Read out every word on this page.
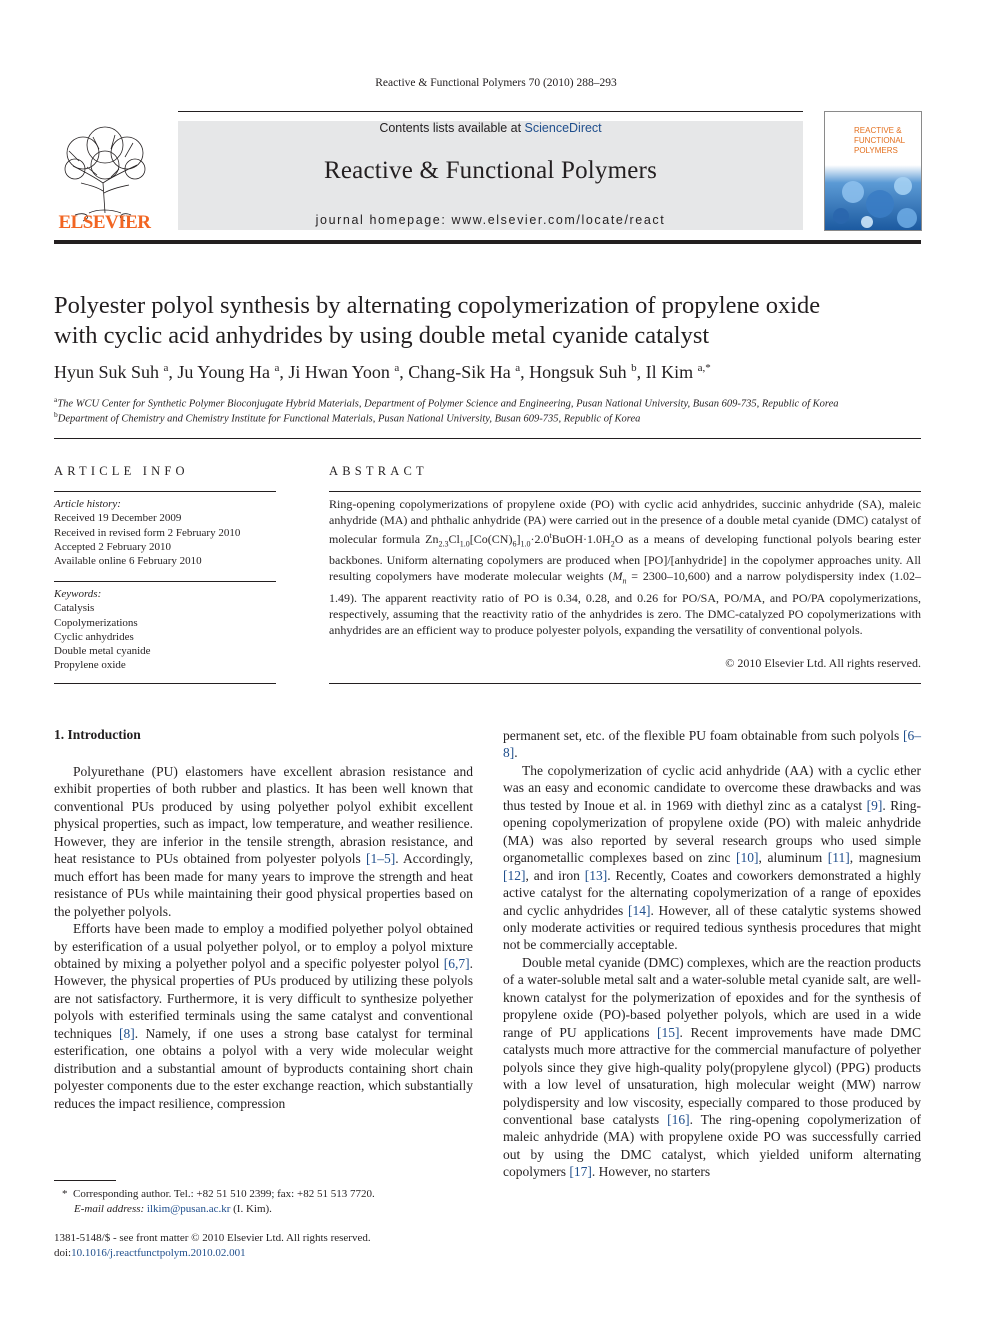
Reactive & Functional Polymers 70 (2010) 288–293
ELSEVIER
Contents lists available at ScienceDirect
Reactive & Functional Polymers
journal homepage: www.elsevier.com/locate/react
REACTIVE &
FUNCTIONAL
POLYMERS
Polyester polyol synthesis by alternating copolymerization of propylene oxide
with cyclic acid anhydrides by using double metal cyanide catalyst
Hyun Suk Suh $^a$, Ju Young Ha $^a$, Ji Hwan Yoon $^a$, Chang-Sik Ha $^a$, Hongsuk Suh $^b$, Il Kim $^{a,*}$
$^a$The WCU Center for Synthetic Polymer Bioconjugate Hybrid Materials, Department of Polymer Science and Engineering, Pusan National University, Busan 609-735, Republic of Korea
$^b$Department of Chemistry and Chemistry Institute for Functional Materials, Pusan National University, Busan 609-735, Republic of Korea
ARTICLE INFO
Article history:
Received 19 December 2009
Received in revised form 2 February 2010
Accepted 2 February 2010
Available online 6 February 2010
Keywords:
Catalysis
Copolymerizations
Cyclic anhydrides
Double metal cyanide
Propylene oxide
ABSTRACT
Ring-opening copolymerizations of propylene oxide (PO) with cyclic acid anhydrides, succinic anhydride (SA), maleic anhydride (MA) and phthalic anhydride (PA) were carried out in the presence of a double metal cyanide (DMC) catalyst of molecular formula $Zn_{2.3}Cl_{1.0}[Co(CN)_6]_{1.0}\cdot 2.0^tBuOH\cdot 1.0H_2O$ as a means of developing functional polyols bearing ester backbones. Uniform alternating copolymers are produced when [PO]/[anhydride] in the copolymer approaches unity. All resulting copolymers have moderate molecular weights $(M_n = 2300-10,600)$ and a narrow polydispersity index (1.02–1.49). The apparent reactivity ratio of PO is 0.34, 0.28, and 0.26 for PO/SA, PO/MA, and PO/PA copolymerizations, respectively, assuming that the reactivity ratio of the anhydrides is zero. The DMC-catalyzed PO copolymerizations with anhydrides are an efficient way to produce polyester polyols, expanding the versatility of conventional polyols.
© 2010 Elsevier Ltd. All rights reserved.
1. Introduction

Polyurethane (PU) elastomers have excellent abrasion resistance and exhibit properties of both rubber and plastics. It has been well known that conventional PUs produced by using polyether polyol exhibit excellent physical properties, such as impact, low temperature, and weather resilience. However, they are inferior in the tensile strength, abrasion resistance, and heat resistance to PUs obtained from polyester polyols [1–5]. Accordingly, much effort has been made for many years to improve the strength and heat resistance of PUs while maintaining their good physical properties based on the polyether polyols.

Efforts have been made to employ a modified polyether polyol obtained by esterification of a usual polyether polyol, or to employ a polyol mixture obtained by mixing a polyether polyol and a specific polyester polyol [6,7]. However, the physical properties of PUs produced by utilizing these polyols are not satisfactory. Furthermore, it is very difficult to synthesize polyether polyols with esterified terminals using the same catalyst and conventional techniques [8]. Namely, if one uses a strong base catalyst for terminal esterification, one obtains a polyol with a very wide molecular weight distribution and a substantial amount of byproducts containing short chain polyester components due to the ester exchange reaction, which substantially reduces the impact resilience, compression

permanent set, etc. of the flexible PU foam obtainable from such polyols [6–8].

The copolymerization of cyclic acid anhydride (AA) with a cyclic ether was an easy and economic candidate to overcome these drawbacks and was thus tested by Inoue et al. in 1969 with diethyl zinc as a catalyst [9]. Ring-opening copolymerization of propylene oxide (PO) with maleic anhydride (MA) was also reported by several research groups who used simple organometallic complexes based on zinc [10], aluminum [11], magnesium [12], and iron [13]. Recently, Coates and coworkers demonstrated a highly active catalyst for the alternating copolymerization of a range of epoxides and cyclic anhydrides [14]. However, all of these catalytic systems showed only moderate activities or required tedious synthesis procedures that might not be commercially acceptable.

Double metal cyanide (DMC) complexes, which are the reaction products of a water-soluble metal salt and a water-soluble metal cyanide salt, are well-known catalyst for the polymerization of epoxides and for the synthesis of propylene oxide (PO)-based polyether polyols, which are used in a wide range of PU applications [15]. Recent improvements have made DMC catalysts much more attractive for the commercial manufacture of polyether polyols since they give high-quality poly(propylene glycol) (PPG) products with a low level of unsaturation, high molecular weight (MW) narrow polydispersity and low viscosity, especially compared to those produced by conventional base catalysts [16]. The ring-opening copolymerization of maleic anhydride (MA) with propylene oxide PO was successfully carried out by using the DMC catalyst, which yielded uniform alternating copolymers [17]. However, no starters

* Corresponding author. Tel.: +82 51 510 2399; fax: +82 51 513 7720.
E-mail address: ilkim@pusan.ac.kr (I. Kim).
1381-5148/$ - see front matter © 2010 Elsevier Ltd. All rights reserved.
doi:10.1016/j.reactfunctpolym.2010.02.001
